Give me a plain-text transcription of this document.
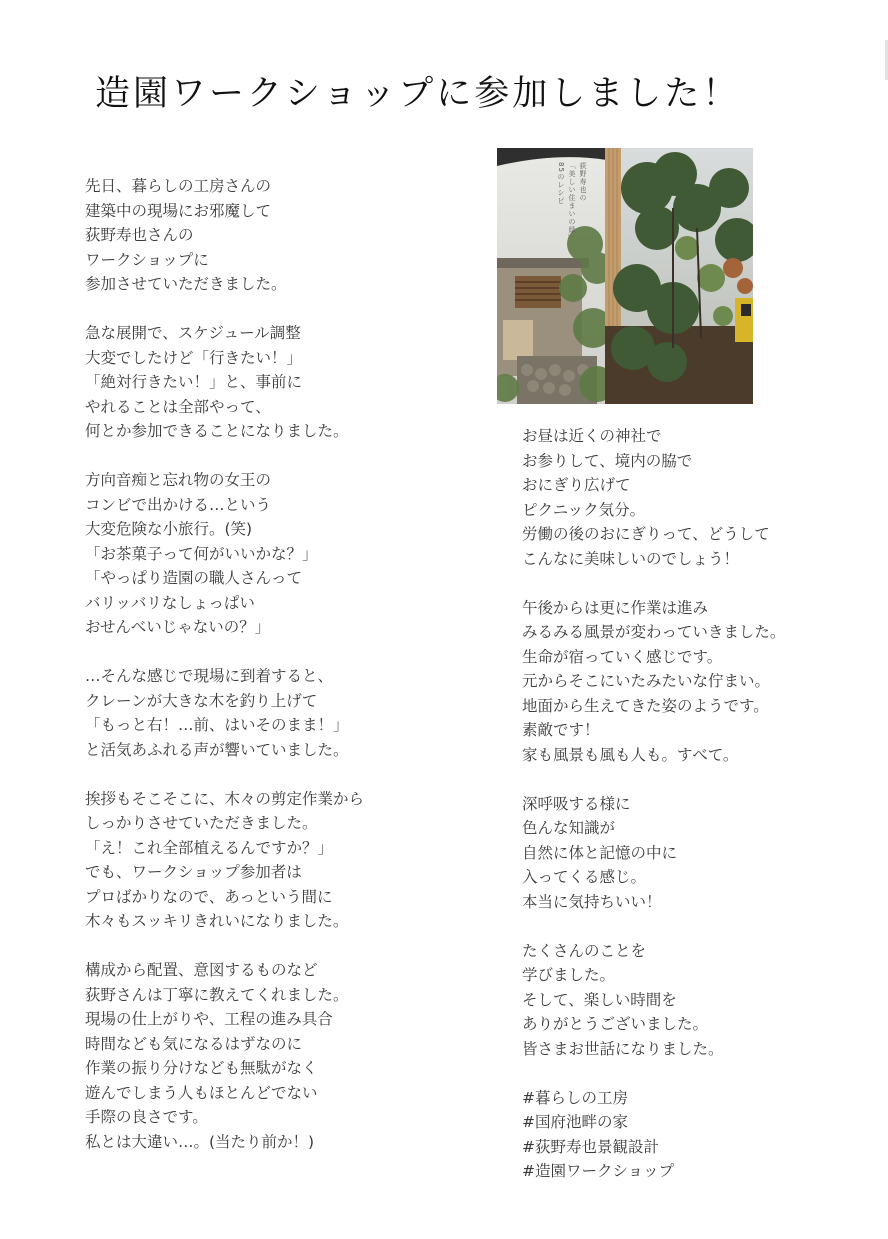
造園ワークショップに参加しました！
荻野寿也の
「美しい住まいの緑」
85のレシピ
先日、暮らしの工房さんの
建築中の現場にお邪魔して
荻野寿也さんの
ワークショップに
参加させていただきました。
急な展開で、スケジュール調整
大変でしたけど「行きたい！」
「絶対行きたい！」と、事前に
やれることは全部やって、
何とか参加できることになりました。
方向音痴と忘れ物の女王の
コンビで出かける…という
大変危険な小旅行。(笑)
「お茶菓子って何がいいかな？」
「やっぱり造園の職人さんって
バリッバリなしょっぱい
おせんべいじゃないの？」
…そんな感じで現場に到着すると、
クレーンが大きな木を釣り上げて
「もっと右！…前、はいそのまま！」
と活気あふれる声が響いていました。
挨拶もそこそこに、木々の剪定作業から
しっかりさせていただきました。
「え！これ全部植えるんですか？」
でも、ワークショップ参加者は
プロばかりなので、あっという間に
木々もスッキリきれいになりました。
構成から配置、意図するものなど
荻野さんは丁寧に教えてくれました。
現場の仕上がりや、工程の進み具合
時間なども気になるはずなのに
作業の振り分けなども無駄がなく
遊んでしまう人もほとんどでない
手際の良さです。
私とは大違い…。(当たり前か！)
お昼は近くの神社で
お参りして、境内の脇で
おにぎり広げて
ピクニック気分。
労働の後のおにぎりって、どうして
こんなに美味しいのでしょう！
午後からは更に作業は進み
みるみる風景が変わっていきました。
生命が宿っていく感じです。
元からそこにいたみたいな佇まい。
地面から生えてきた姿のようです。
素敵です！
家も風景も風も人も。すべて。
深呼吸する様に
色んな知識が
自然に体と記憶の中に
入ってくる感じ。
本当に気持ちいい！
たくさんのことを
学びました。
そして、楽しい時間を
ありがとうございました。
皆さまお世話になりました。
#暮らしの工房
#国府池畔の家
#荻野寿也景観設計
#造園ワークショップ
